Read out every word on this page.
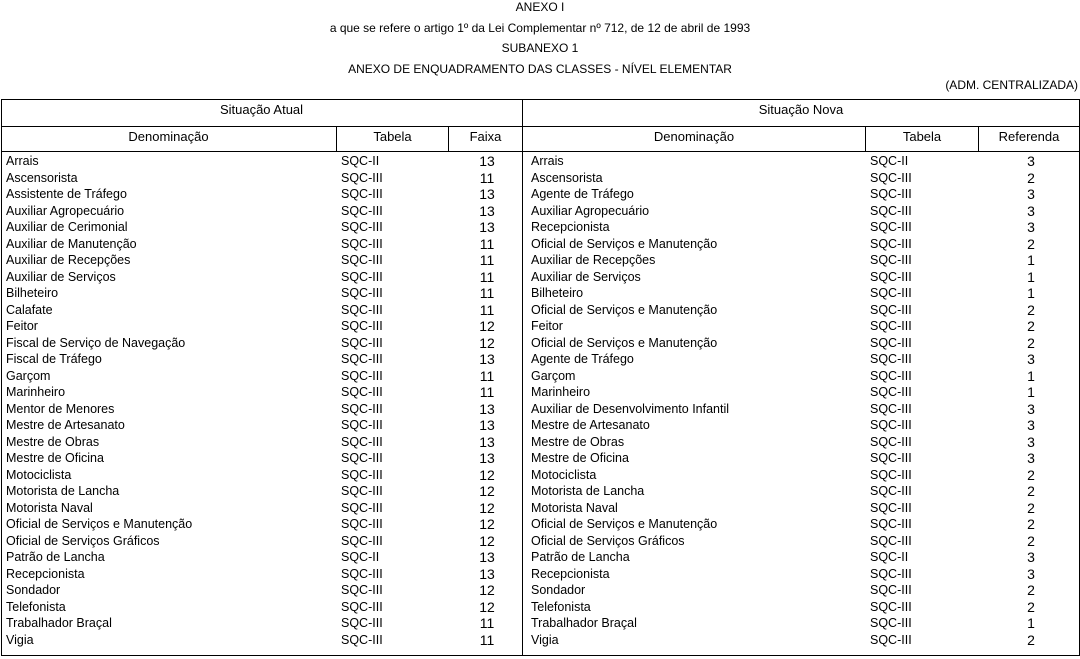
ANEXO I
a que se refere o artigo 1º da Lei Complementar nº 712, de 12 de abril de 1993
SUBANEXO 1
ANEXO DE ENQUADRAMENTO DAS CLASSES - NÍVEL ELEMENTAR
(ADM. CENTRALIZADA)
Situação Atual	Situação Nova
Denominação	Tabela	Faixa	Denominação	Tabela	Referenda
Arrais	SQC-II	13	Arrais	SQC-II	3
Ascensorista	SQC-III	11	Ascensorista	SQC-III	2
Assistente de Tráfego	SQC-III	13	Agente de Tráfego	SQC-III	3
Auxiliar Agropecuário	SQC-III	13	Auxiliar Agropecuário	SQC-III	3
Auxiliar de Cerimonial	SQC-III	13	Recepcionista	SQC-III	3
Auxiliar de Manutenção	SQC-III	11	Oficial de Serviços e Manutenção	SQC-III	2
Auxiliar de Recepções	SQC-III	11	Auxiliar de Recepções	SQC-III	1
Auxiliar de Serviços	SQC-III	11	Auxiliar de Serviços	SQC-III	1
Bilheteiro	SQC-III	11	Bilheteiro	SQC-III	1
Calafate	SQC-III	11	Oficial de Serviços e Manutenção	SQC-III	2
Feitor	SQC-III	12	Feitor	SQC-III	2
Fiscal de Serviço de Navegação	SQC-III	12	Oficial de Serviços e Manutenção	SQC-III	2
Fiscal de Tráfego	SQC-III	13	Agente de Tráfego	SQC-III	3
Garçom	SQC-III	11	Garçom	SQC-III	1
Marinheiro	SQC-III	11	Marinheiro	SQC-III	1
Mentor de Menores	SQC-III	13	Auxiliar de Desenvolvimento Infantil	SQC-III	3
Mestre de Artesanato	SQC-III	13	Mestre de Artesanato	SQC-III	3
Mestre de Obras	SQC-III	13	Mestre de Obras	SQC-III	3
Mestre de Oficina	SQC-III	13	Mestre de Oficina	SQC-III	3
Motociclista	SQC-III	12	Motociclista	SQC-III	2
Motorista de Lancha	SQC-III	12	Motorista de Lancha	SQC-III	2
Motorista Naval	SQC-III	12	Motorista Naval	SQC-III	2
Oficial de Serviços e Manutenção	SQC-III	12	Oficial de Serviços e Manutenção	SQC-III	2
Oficial de Serviços Gráficos	SQC-III	12	Oficial de Serviços Gráficos	SQC-III	2
Patrão de Lancha	SQC-II	13	Patrão de Lancha	SQC-II	3
Recepcionista	SQC-III	13	Recepcionista	SQC-III	3
Sondador	SQC-III	12	Sondador	SQC-III	2
Telefonista	SQC-III	12	Telefonista	SQC-III	2
Trabalhador Braçal	SQC-III	11	Trabalhador Braçal	SQC-III	1
Vigia	SQC-III	11	Vigia	SQC-III	2
